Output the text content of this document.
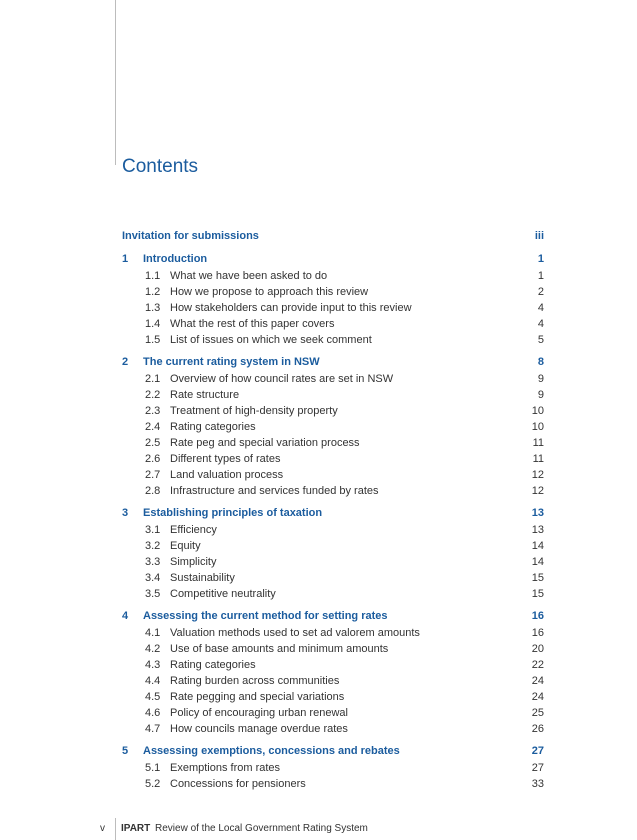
Contents
Invitation for submissions	iii
1	Introduction	1
1.1 What we have been asked to do	1
1.2 How we propose to approach this review	2
1.3 How stakeholders can provide input to this review	4
1.4 What the rest of this paper covers	4
1.5 List of issues on which we seek comment	5
2	The current rating system in NSW	8
2.1 Overview of how council rates are set in NSW	9
2.2 Rate structure	9
2.3 Treatment of high-density property	10
2.4 Rating categories	10
2.5 Rate peg and special variation process	11
2.6 Different types of rates	11
2.7 Land valuation process	12
2.8 Infrastructure and services funded by rates	12
3	Establishing principles of taxation	13
3.1 Efficiency	13
3.2 Equity	14
3.3 Simplicity	14
3.4 Sustainability	15
3.5 Competitive neutrality	15
4	Assessing the current method for setting rates	16
4.1 Valuation methods used to set ad valorem amounts	16
4.2 Use of base amounts and minimum amounts	20
4.3 Rating categories	22
4.4 Rating burden across communities	24
4.5 Rate pegging and special variations	24
4.6 Policy of encouraging urban renewal	25
4.7 How councils manage overdue rates	26
5	Assessing exemptions, concessions and rebates	27
5.1 Exemptions from rates	27
5.2 Concessions for pensioners	33
v IPART Review of the Local Government Rating System
